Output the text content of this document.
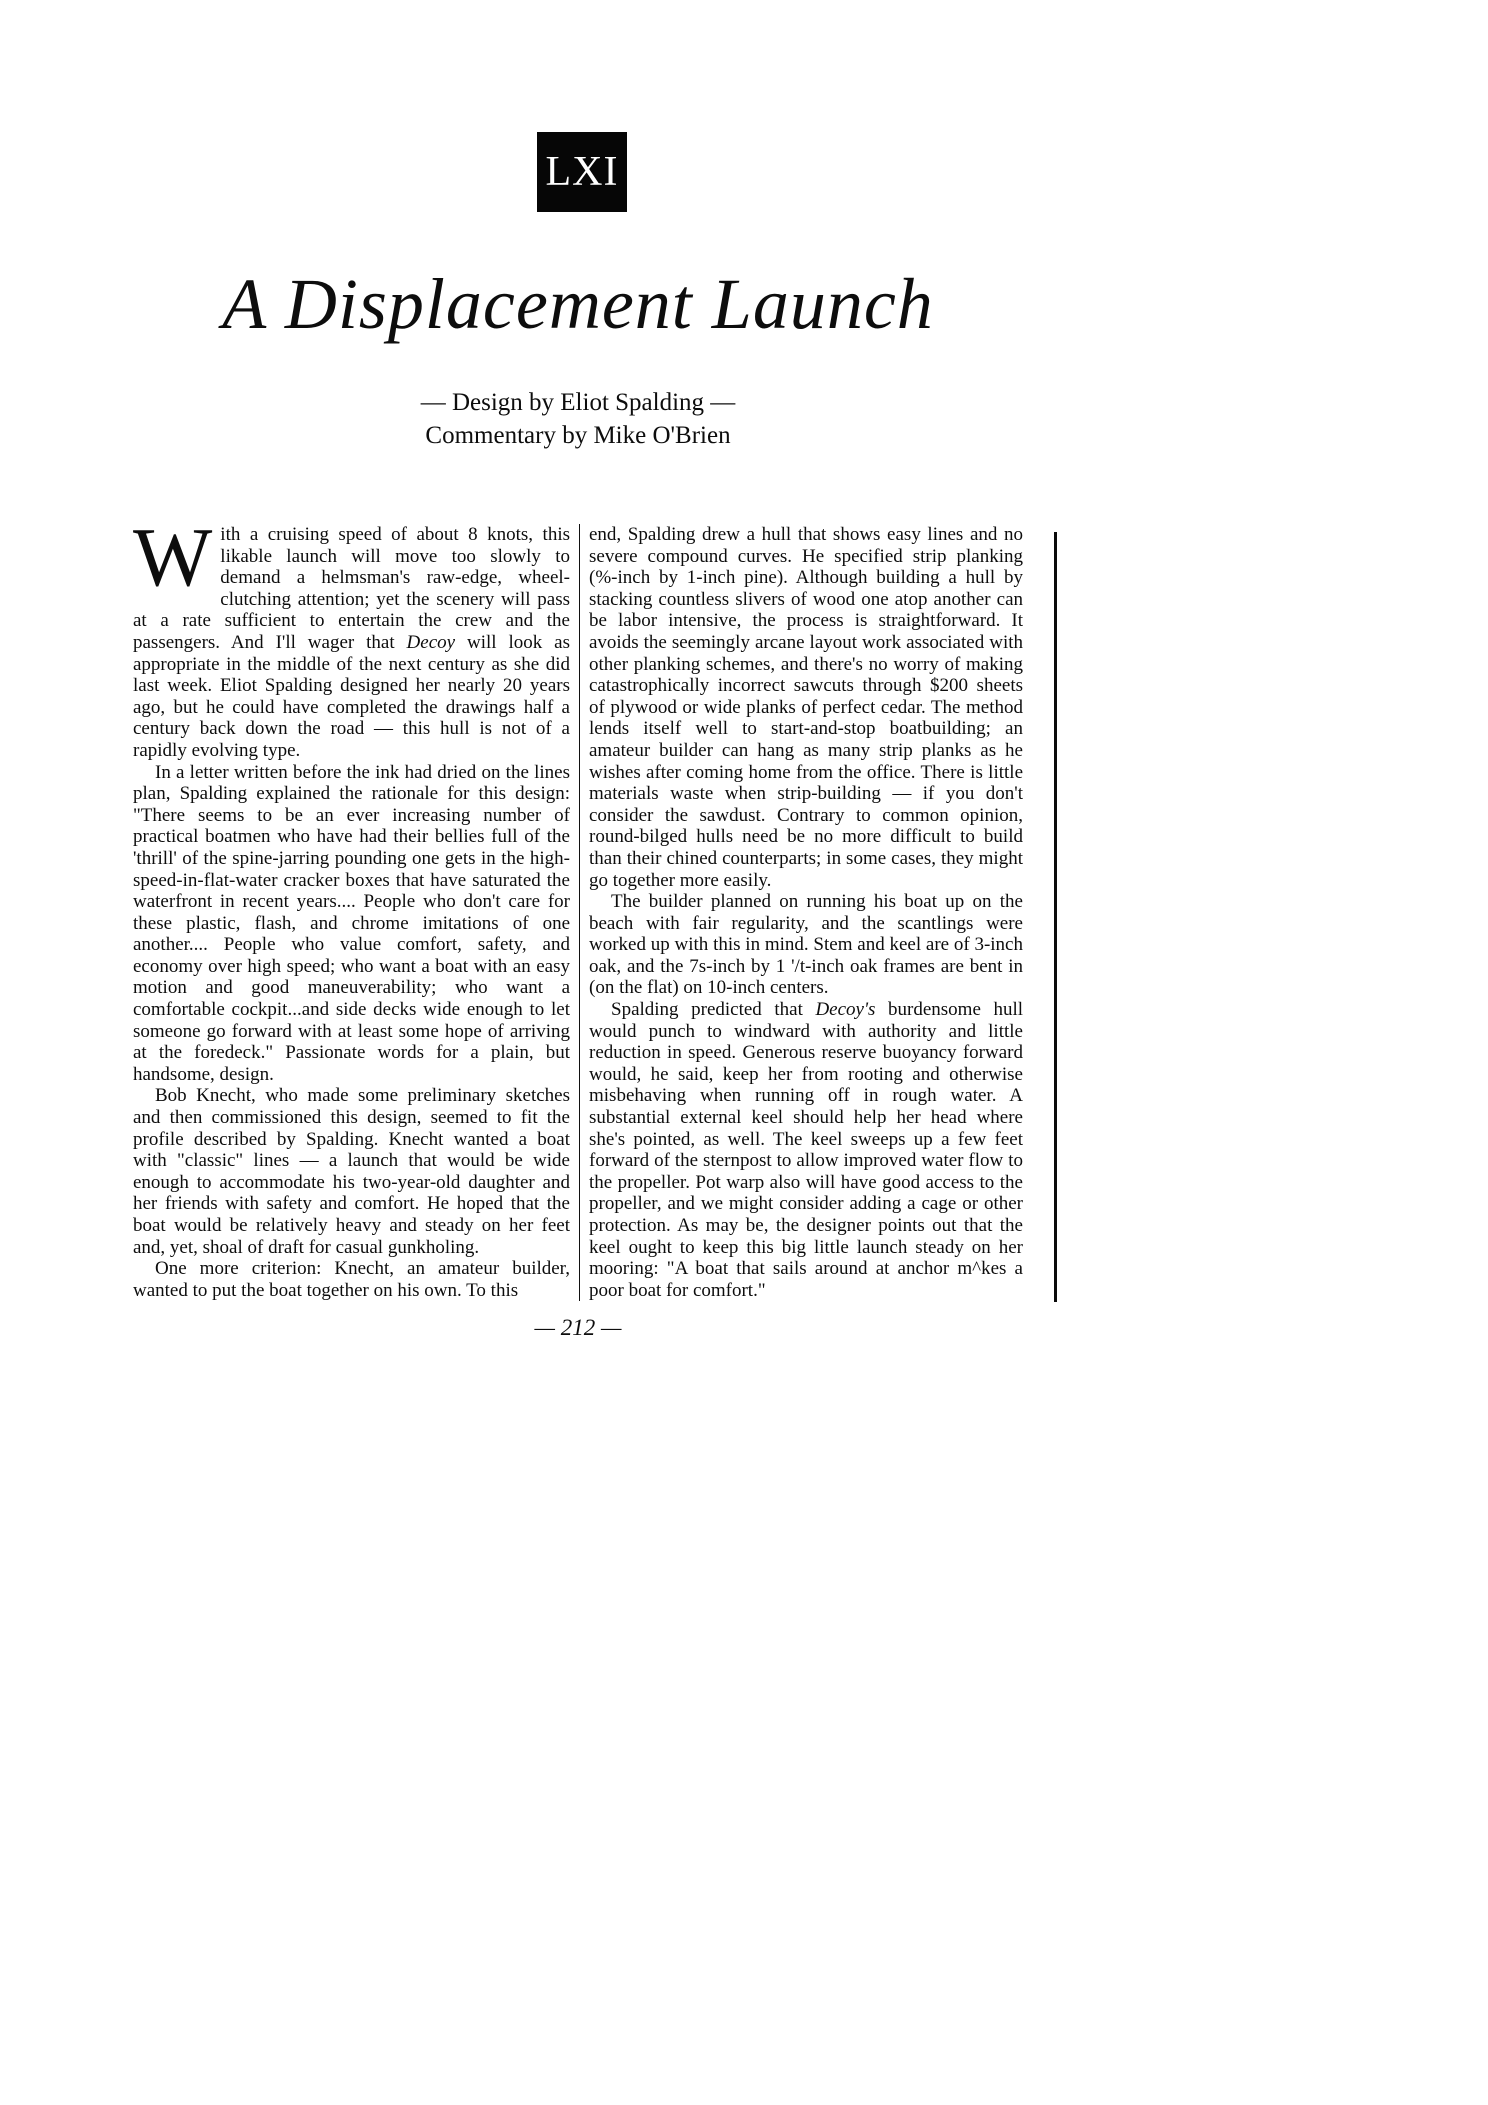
LXI
A Displacement Launch
— Design by Eliot Spalding —
Commentary by Mike O'Brien

With a cruising speed of about 8 knots, this likable launch will move too slowly to demand a helmsman's raw-edge, wheel-clutching attention; yet the scenery will pass at a rate sufficient to entertain the crew and the passengers. And I'll wager that Decoy will look as appropriate in the middle of the next century as she did last week. Eliot Spalding designed her nearly 20 years ago, but he could have completed the drawings half a century back down the road — this hull is not of a rapidly evolving type.

In a letter written before the ink had dried on the lines plan, Spalding explained the rationale for this design: "There seems to be an ever increasing number of practical boatmen who have had their bellies full of the 'thrill' of the spine-jarring pounding one gets in the high-speed-in-flat-water cracker boxes that have saturated the waterfront in recent years.... People who don't care for these plastic, flash, and chrome imitations of one another.... People who value comfort, safety, and economy over high speed; who want a boat with an easy motion and good maneuverability; who want a comfortable cockpit...and side decks wide enough to let someone go forward with at least some hope of arriving at the foredeck." Passionate words for a plain, but handsome, design.

Bob Knecht, who made some preliminary sketches and then commissioned this design, seemed to fit the profile described by Spalding. Knecht wanted a boat with "classic" lines — a launch that would be wide enough to accommodate his two-year-old daughter and her friends with safety and comfort. He hoped that the boat would be relatively heavy and steady on her feet and, yet, shoal of draft for casual gunkholing.

One more criterion: Knecht, an amateur builder, wanted to put the boat together on his own. To this

end, Spalding drew a hull that shows easy lines and no severe compound curves. He specified strip planking (%-inch by 1-inch pine). Although building a hull by stacking countless slivers of wood one atop another can be labor intensive, the process is straightforward. It avoids the seemingly arcane layout work associated with other planking schemes, and there's no worry of making catastrophically incorrect sawcuts through $200 sheets of plywood or wide planks of perfect cedar. The method lends itself well to start-and-stop boatbuilding; an amateur builder can hang as many strip planks as he wishes after coming home from the office. There is little materials waste when strip-building — if you don't consider the sawdust. Contrary to common opinion, round-bilged hulls need be no more difficult to build than their chined counterparts; in some cases, they might go together more easily.

The builder planned on running his boat up on the beach with fair regularity, and the scantlings were worked up with this in mind. Stem and keel are of 3-inch oak, and the 7s-inch by 1 '/t-inch oak frames are bent in (on the flat) on 10-inch centers.

Spalding predicted that Decoy's burdensome hull would punch to windward with authority and little reduction in speed. Generous reserve buoyancy forward would, he said, keep her from rooting and otherwise misbehaving when running off in rough water. A substantial external keel should help her head where she's pointed, as well. The keel sweeps up a few feet forward of the sternpost to allow improved water flow to the propeller. Pot warp also will have good access to the propeller, and we might consider adding a cage or other protection. As may be, the designer points out that the keel ought to keep this big little launch steady on her mooring: "A boat that sails around at anchor m^kes a poor boat for comfort."

— 212 —
